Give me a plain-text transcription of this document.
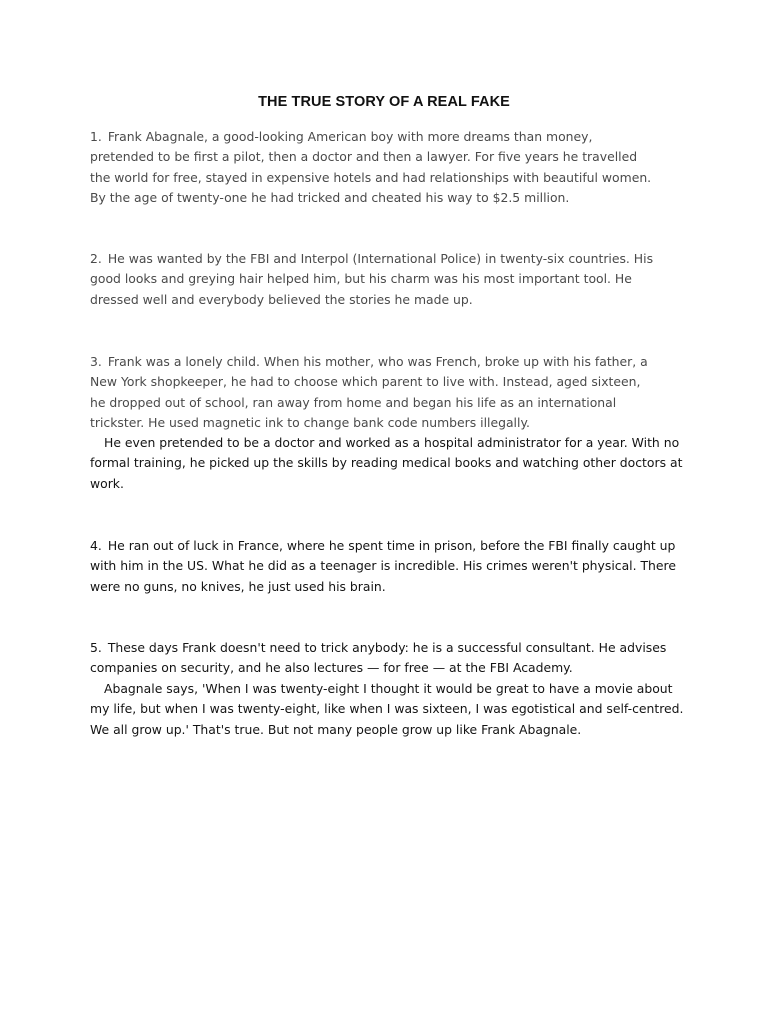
THE TRUE STORY OF A REAL FAKE
1. Frank Abagnale, a good-looking American boy with more dreams than money,
pretended to be first a pilot, then a doctor and then a lawyer. For five years he travelled
the world for free, stayed in expensive hotels and had relationships with beautiful women.
By the age of twenty-one he had tricked and cheated his way to $2.5 million.
2. He was wanted by the FBI and Interpol (International Police) in twenty-six countries. His
good looks and greying hair helped him, but his charm was his most important tool. He
dressed well and everybody believed the stories he made up.
3. Frank was a lonely child. When his mother, who was French, broke up with his father, a
New York shopkeeper, he had to choose which parent to live with. Instead, aged sixteen,
he dropped out of school, ran away from home and began his life as an international
trickster. He used magnetic ink to change bank code numbers illegally.
He even pretended to be a doctor and worked as a hospital administrator for a year. With no
formal training, he picked up the skills by reading medical books and watching other doctors at
work.
4. He ran out of luck in France, where he spent time in prison, before the FBI finally caught up
with him in the US. What he did as a teenager is incredible. His crimes weren't physical. There
were no guns, no knives, he just used his brain.
5. These days Frank doesn't need to trick anybody: he is a successful consultant. He advises
companies on security, and he also lectures — for free — at the FBI Academy.
Abagnale says, 'When I was twenty-eight I thought it would be great to have a movie about
my life, but when I was twenty-eight, like when I was sixteen, I was egotistical and self-centred.
We all grow up.' That's true. But not many people grow up like Frank Abagnale.
